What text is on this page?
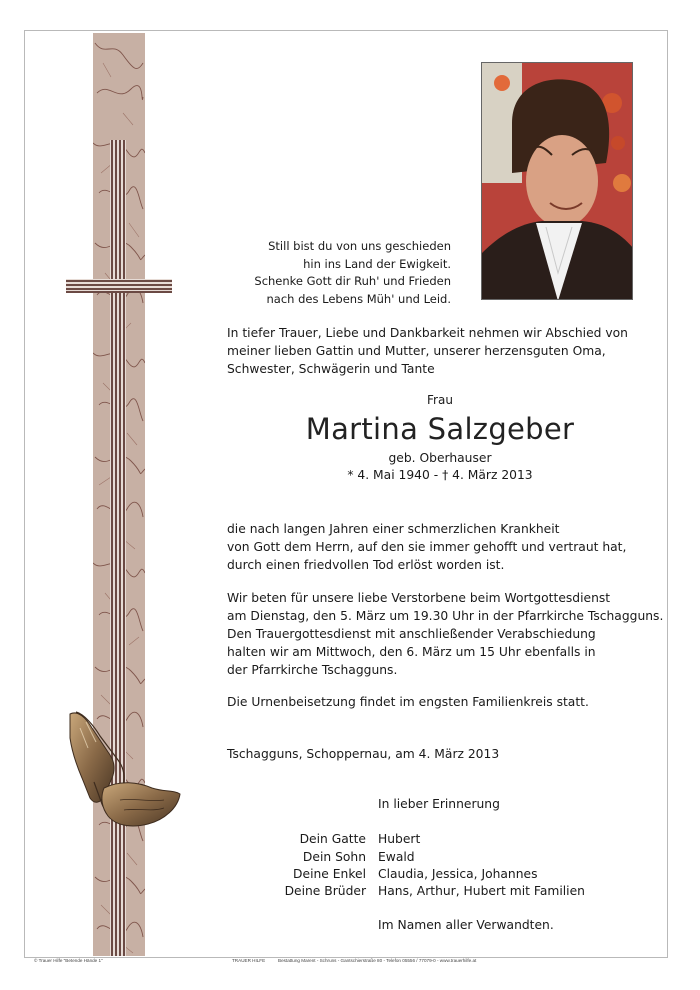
Still bist du von uns geschieden
hin ins Land der Ewigkeit.
Schenke Gott dir Ruh' und Frieden
nach des Lebens Müh' und Leid.
In tiefer Trauer, Liebe und Dankbarkeit nehmen wir Abschied von
meiner lieben Gattin und Mutter, unserer herzensguten Oma,
Schwester, Schwägerin und Tante
Frau
Martina Salzgeber
geb. Oberhauser
* 4. Mai 1940 - † 4. März 2013
die nach langen Jahren einer schmerzlichen Krankheit
von Gott dem Herrn, auf den sie immer gehofft und vertraut hat,
durch einen friedvollen Tod erlöst worden ist.
Wir beten für unsere liebe Verstorbene beim Wortgottesdienst
am Dienstag, den 5. März um 19.30 Uhr in der Pfarrkirche Tschagguns.
Den Trauergottesdienst mit anschließender Verabschiedung
halten wir am Mittwoch, den 6. März um 15 Uhr ebenfalls in
der Pfarrkirche Tschagguns.
Die Urnenbeisetzung findet im engsten Familienkreis statt.
Tschagguns, Schoppernau, am 4. März 2013
In lieber Erinnerung
Dein Gatte Hubert
Dein Sohn Ewald
Deine Enkel Claudia, Jessica, Johannes
Deine Brüder Hans, Arthur, Hubert mit Familien
Im Namen aller Verwandten.
© Trauer Hilfe "Betende Hände 1"	TRAUER HILFE	Bestattung Marent - Schruns - Gantschierstraße 80 - Telefon 05556 / 77079-0 - www.trauerhilfe.at
